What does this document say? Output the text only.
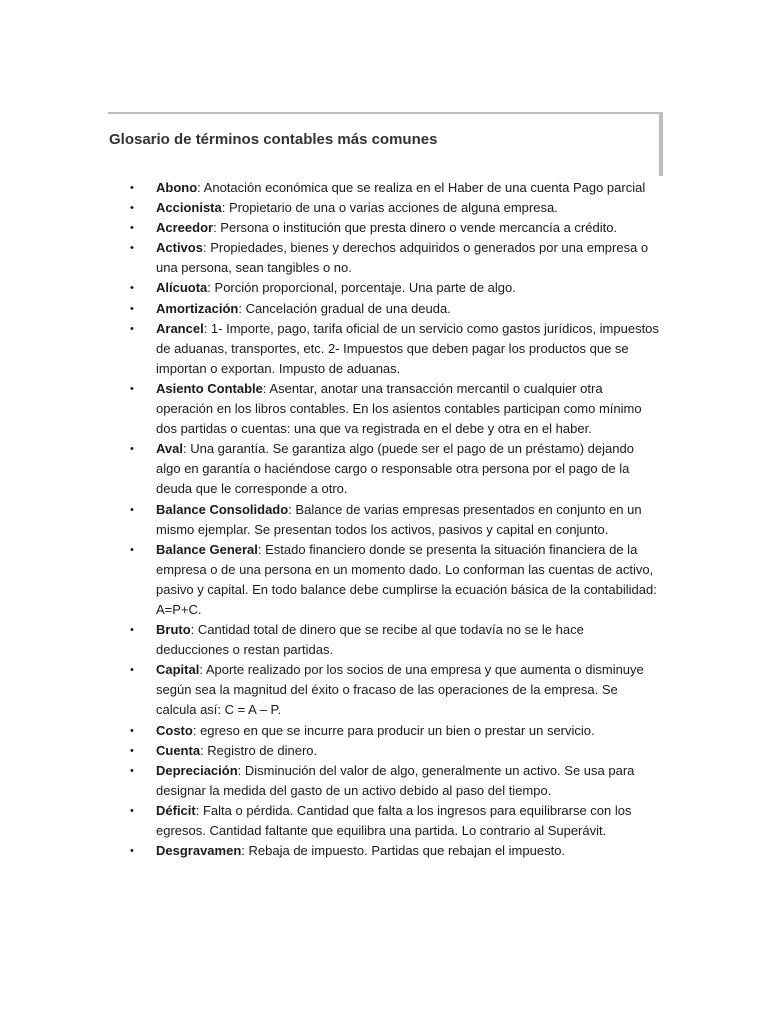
Glosario de términos contables más comunes
• Abono: Anotación económica que se realiza en el Haber de una cuenta Pago parcial
• Accionista: Propietario de una o varias acciones de alguna empresa.
• Acreedor: Persona o institución que presta dinero o vende mercancía a crédito.
• Activos: Propiedades, bienes y derechos adquiridos o generados por una empresa o una persona, sean tangibles o no.
• Alícuota: Porción proporcional, porcentaje. Una parte de algo.
• Amortización: Cancelación gradual de una deuda.
• Arancel: 1- Importe, pago, tarifa oficial de un servicio como gastos jurídicos, impuestos de aduanas, transportes, etc. 2- Impuestos que deben pagar los productos que se importan o exportan. Impusto de aduanas.
• Asiento Contable: Asentar, anotar una transacción mercantil o cualquier otra operación en los libros contables. En los asientos contables participan como mínimo dos partidas o cuentas: una que va registrada en el debe y otra en el haber.
• Aval: Una garantía. Se garantiza algo (puede ser el pago de un préstamo) dejando algo en garantía o haciéndose cargo o responsable otra persona por el pago de la deuda que le corresponde a otro.
• Balance Consolidado: Balance de varias empresas presentados en conjunto en un mismo ejemplar. Se presentan todos los activos, pasivos y capital en conjunto.
• Balance General: Estado financiero donde se presenta la situación financiera de la empresa o de una persona en un momento dado. Lo conforman las cuentas de activo, pasivo y capital. En todo balance debe cumplirse la ecuación básica de la contabilidad: A=P+C.
• Bruto: Cantidad total de dinero que se recibe al que todavía no se le hace deducciones o restan partidas.
• Capital: Aporte realizado por los socios de una empresa y que aumenta o disminuye según sea la magnitud del éxito o fracaso de las operaciones de la empresa. Se calcula así: C = A – P.
• Costo: egreso en que se incurre para producir un bien o prestar un servicio.
• Cuenta: Registro de dinero.
• Depreciación: Disminución del valor de algo, generalmente un activo. Se usa para designar la medida del gasto de un activo debido al paso del tiempo.
• Déficit: Falta o pérdida. Cantidad que falta a los ingresos para equilibrarse con los egresos. Cantidad faltante que equilibra una partida. Lo contrario al Superávit.
• Desgravamen: Rebaja de impuesto. Partidas que rebajan el impuesto.
